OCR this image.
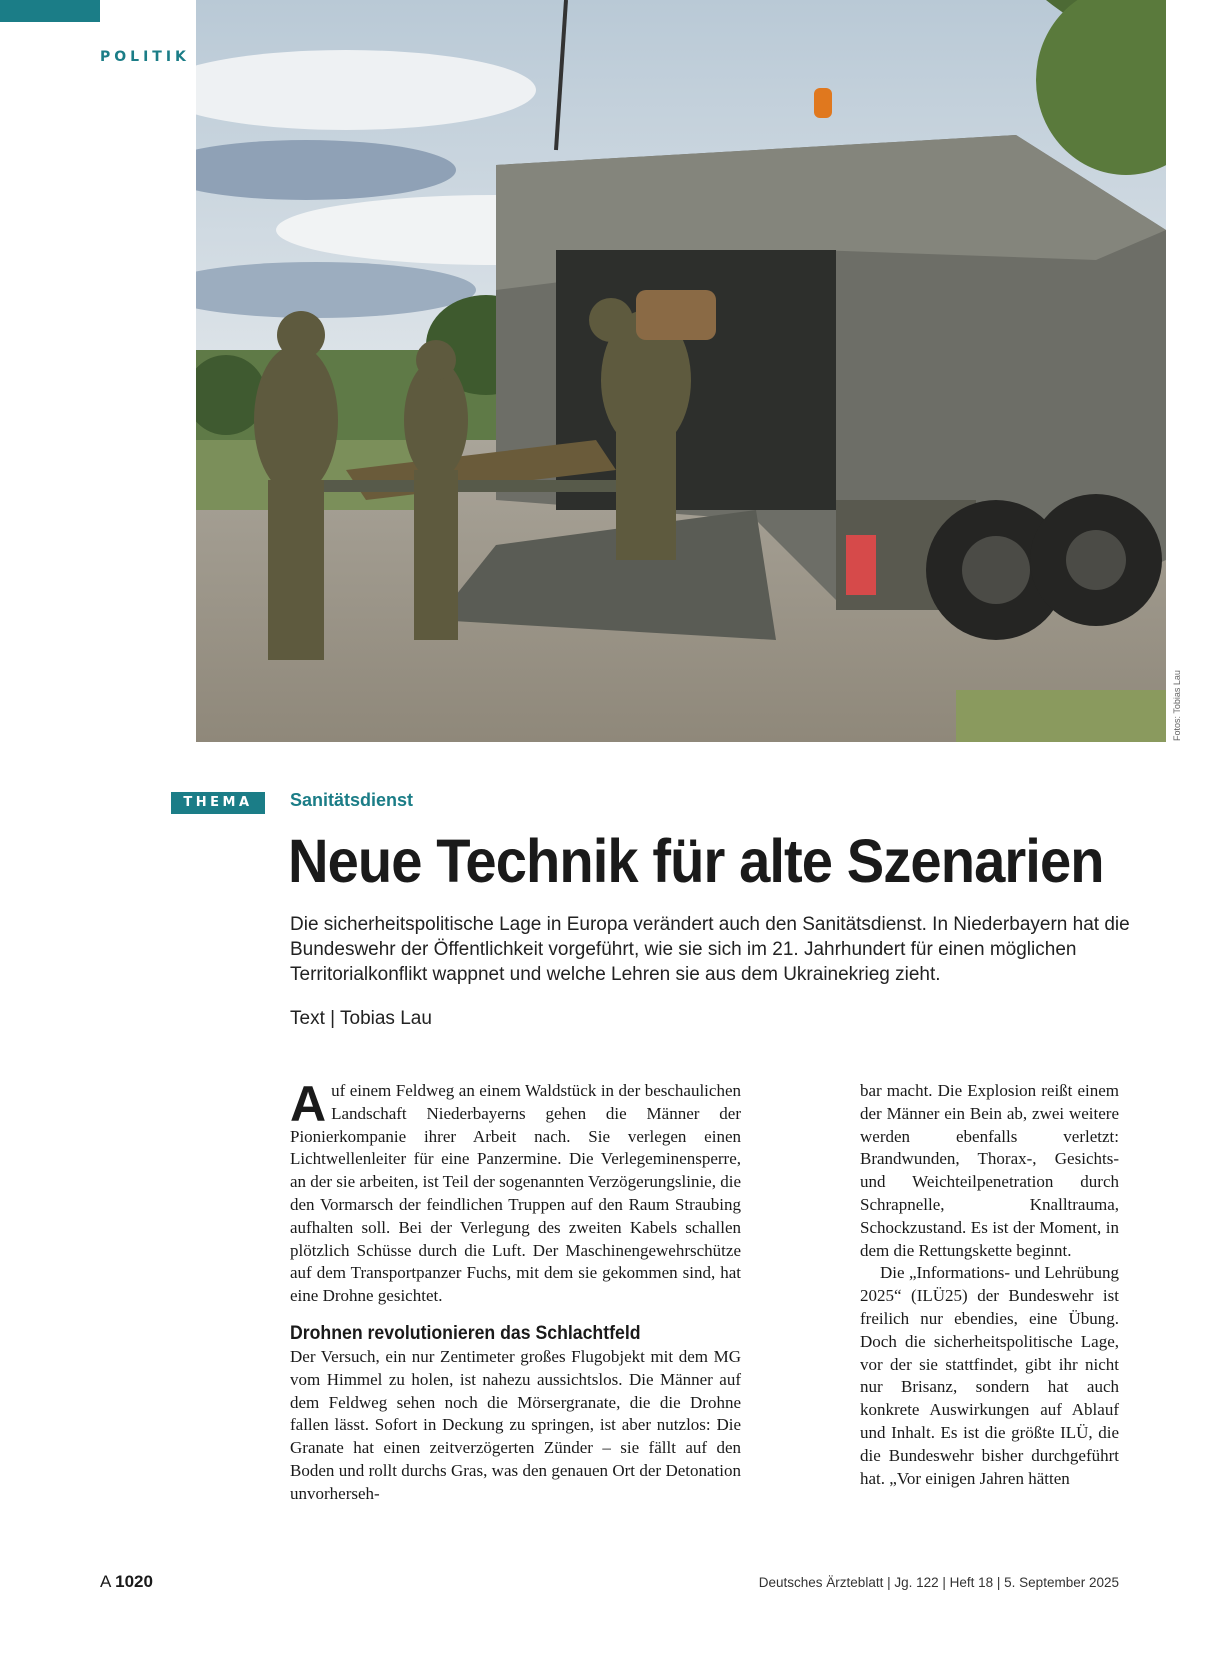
POLITIK
Fotos: Tobias Lau
THEMA	Sanitätsdienst
Neue Technik für alte Szenarien

Die sicherheitspolitische Lage in Europa verändert auch den Sanitätsdienst. In Niederbayern hat die Bundeswehr der Öffentlichkeit vorgeführt, wie sie sich im 21. Jahrhundert für einen möglichen Territorialkonflikt wappnet und welche Lehren sie aus dem Ukrainekrieg zieht.

Text | Tobias Lau

Auf einem Feldweg an einem Waldstück in der beschaulichen Landschaft Niederbayerns gehen die Männer der Pionierkompanie ihrer Arbeit nach. Sie verlegen einen Lichtwellenleiter für eine Panzermine. Die Verlegeminensperre, an der sie arbeiten, ist Teil der sogenannten Verzögerungslinie, die den Vormarsch der feindlichen Truppen auf den Raum Straubing aufhalten soll. Bei der Verlegung des zweiten Kabels schallen plötzlich Schüsse durch die Luft. Der Maschinengewehrschütze auf dem Transportpanzer Fuchs, mit dem sie gekommen sind, hat eine Drohne gesichtet.

Drohnen revolutionieren das Schlachtfeld

Der Versuch, ein nur Zentimeter großes Flugobjekt mit dem MG vom Himmel zu holen, ist nahezu aussichtslos. Die Männer auf dem Feldweg sehen noch die Mörsergranate, die die Drohne fallen lässt. Sofort in Deckung zu springen, ist aber nutzlos: Die Granate hat einen zeitverzögerten Zünder – sie fällt auf den Boden und rollt durchs Gras, was den genauen Ort der Detonation unvorherseh-

bar macht. Die Explosion reißt einem der Männer ein Bein ab, zwei weitere werden ebenfalls verletzt: Brandwunden, Thorax-, Gesichts- und Weichteilpenetration durch Schrapnelle, Knalltrauma, Schockzustand. Es ist der Moment, in dem die Rettungskette beginnt.

Die „Informations- und Lehrübung 2025“ (ILÜ25) der Bundeswehr ist freilich nur ebendies, eine Übung. Doch die sicherheitspolitische Lage, vor der sie stattfindet, gibt ihr nicht nur Brisanz, sondern hat auch konkrete Auswirkungen auf Ablauf und Inhalt. Es ist die größte ILÜ, die die Bundeswehr bisher durchgeführt hat. „Vor einigen Jahren hätten

A 1020	Deutsches Ärzteblatt | Jg. 122 | Heft 18 | 5. September 2025
